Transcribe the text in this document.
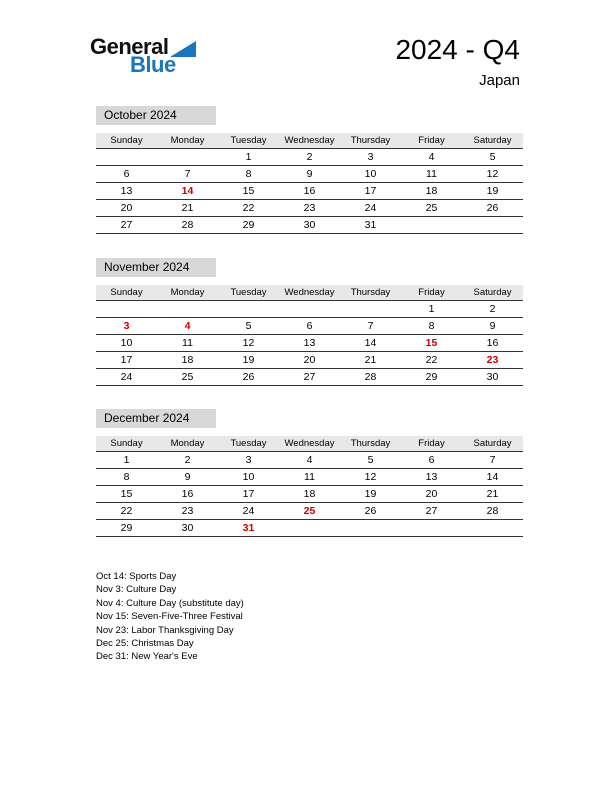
General
Blue	2024 - Q4
Japan
October 2024
Sunday	Monday	Tuesday	Wednesday	Thursday	Friday	Saturday
		1	2	3	4	5
6	7	8	9	10	11	12
13	14	15	16	17	18	19
20	21	22	23	24	25	26
27	28	29	30	31		
November 2024
Sunday	Monday	Tuesday	Wednesday	Thursday	Friday	Saturday
					1	2
3	4	5	6	7	8	9
10	11	12	13	14	15	16
17	18	19	20	21	22	23
24	25	26	27	28	29	30
December 2024
Sunday	Monday	Tuesday	Wednesday	Thursday	Friday	Saturday
1	2	3	4	5	6	7
8	9	10	11	12	13	14
15	16	17	18	19	20	21
22	23	24	25	26	27	28
29	30	31				
Oct 14: Sports Day
Nov 3: Culture Day
Nov 4: Culture Day (substitute day)
Nov 15: Seven-Five-Three Festival
Nov 23: Labor Thanksgiving Day
Dec 25: Christmas Day
Dec 31: New Year's Eve
